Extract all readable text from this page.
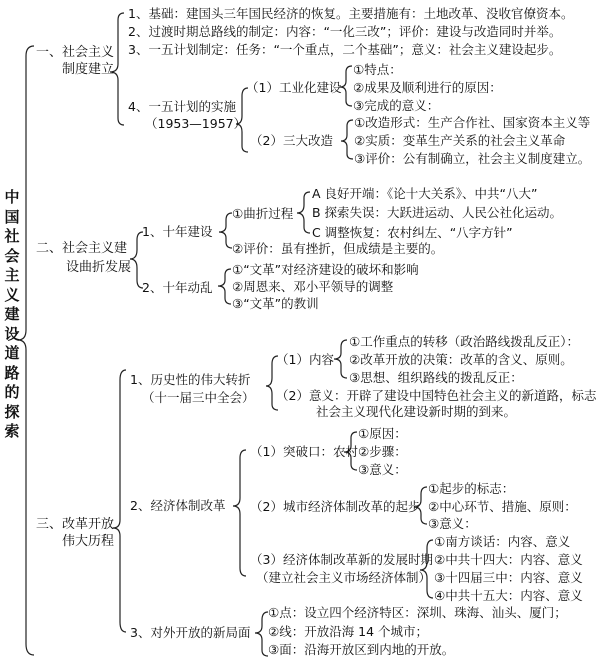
中国社会主义建设道路的探索
一、社会主义
制度建立
1、基础：建国头三年国民经济的恢复。主要措施有：土地改革、没收官僚资本。
2、过渡时期总路线的制定：内容：“一化三改”；评价：建设与改造同时并举。
3、一五计划制定：任务：“一个重点，二个基础”；意义：社会主义建设起步。
4、一五计划的实施
（1953—1957）
（1）工业化建设
①特点：
②成果及顺利进行的原因：
③完成的意义：
（2）三大改造
①改造形式：生产合作社、国家资本主义等
②实质：变革生产关系的社会主义革命
③评价：公有制确立，社会主义制度建立。
二、社会主义建
设曲折发展
1、十年建设
①曲折过程
A 良好开端：《论十大关系》、中共“八大”
B 探索失误：大跃进运动、人民公社化运动。
C 调整恢复：农村纠左、“八字方针”
②评价：虽有挫折，但成绩是主要的。
2、十年动乱
①“文革”对经济建设的破坏和影响
②周恩来、邓小平领导的调整
③“文革”的教训
三、改革开放
伟大历程
1、历史性的伟大转折
（十一届三中全会）
（1）内容
①工作重点的转移（政治路线拨乱反正）：
②改革开放的决策：改革的含义、原则。
③思想、组织路线的拨乱反正：
（2）意义：开辟了建设中国特色社会主义的新道路，标志
社会主义现代化建设新时期的到来。
2、经济体制改革
（1）突破口：农村
①原因：
②步骤：
③意义：
（2）城市经济体制改革的起步
①起步的标志：
②中心环节、措施、原则：
③意义：
（3）经济体制改革新的发展时期
（建立社会主义市场经济体制）
①南方谈话：内容、意义
②中共十四大：内容、意义
③十四届三中：内容、意义
④中共十五大：内容、意义
3、对外开放的新局面
①点：设立四个经济特区：深圳、珠海、汕头、厦门；
②线：开放沿海 14 个城市；
③面：沿海开放区到内地的开放。
